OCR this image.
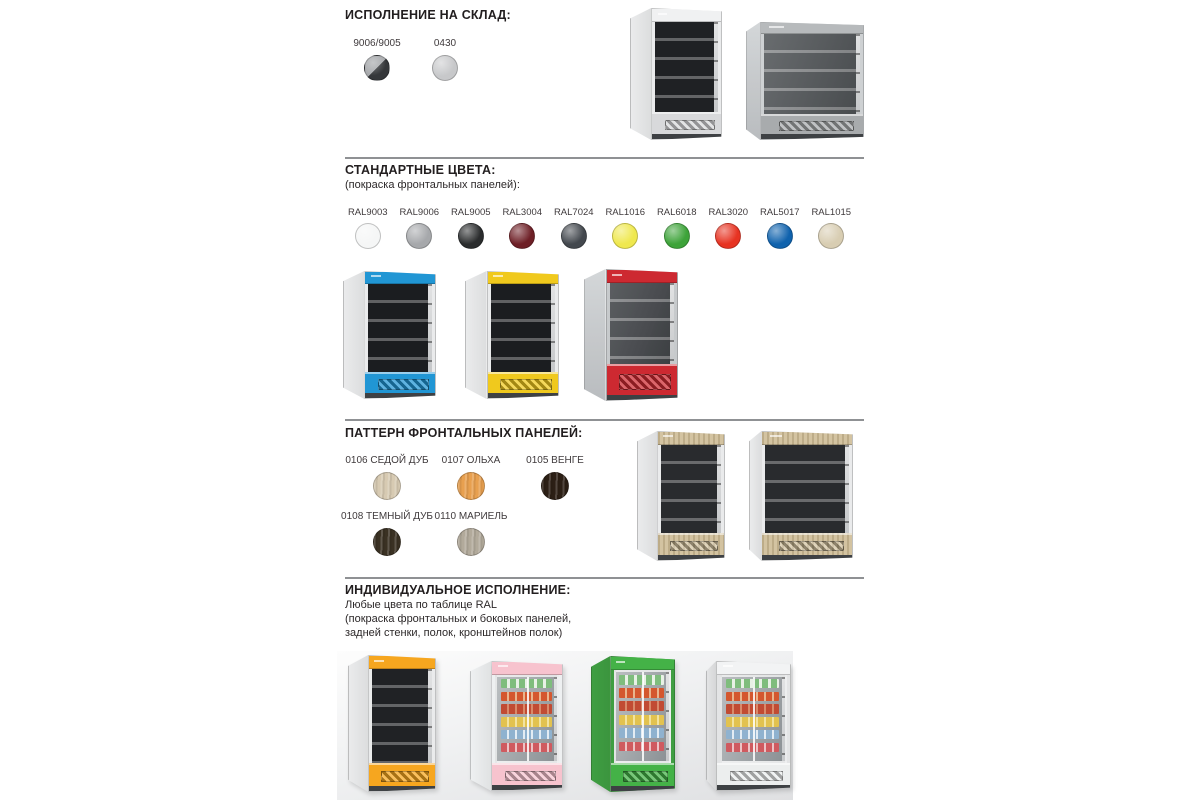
ИСПОЛНЕНИЕ НА СКЛАД:
9006/9005	0430
СТАНДАРТНЫЕ ЦВЕТА:
(покраска фронтальных панелей):
RAL9003 RAL9006 RAL9005 RAL3004 RAL7024 RAL1016 RAL6018 RAL3020 RAL5017 RAL1015
ПАТТЕРН ФРОНТАЛЬНЫХ ПАНЕЛЕЙ:
0106 СЕДОЙ ДУБ 0107 ОЛЬХА	0105 ВЕНГЕ
0108 ТЕМНЫЙ ДУБ 0110 МАРИЕЛЬ
ИНДИВИДУАЛЬНОЕ ИСПОЛНЕНИЕ:
Любые цвета по таблице RAL
(покраска фронтальных и боковых панелей,
задней стенки, полок, кронштейнов полок)
